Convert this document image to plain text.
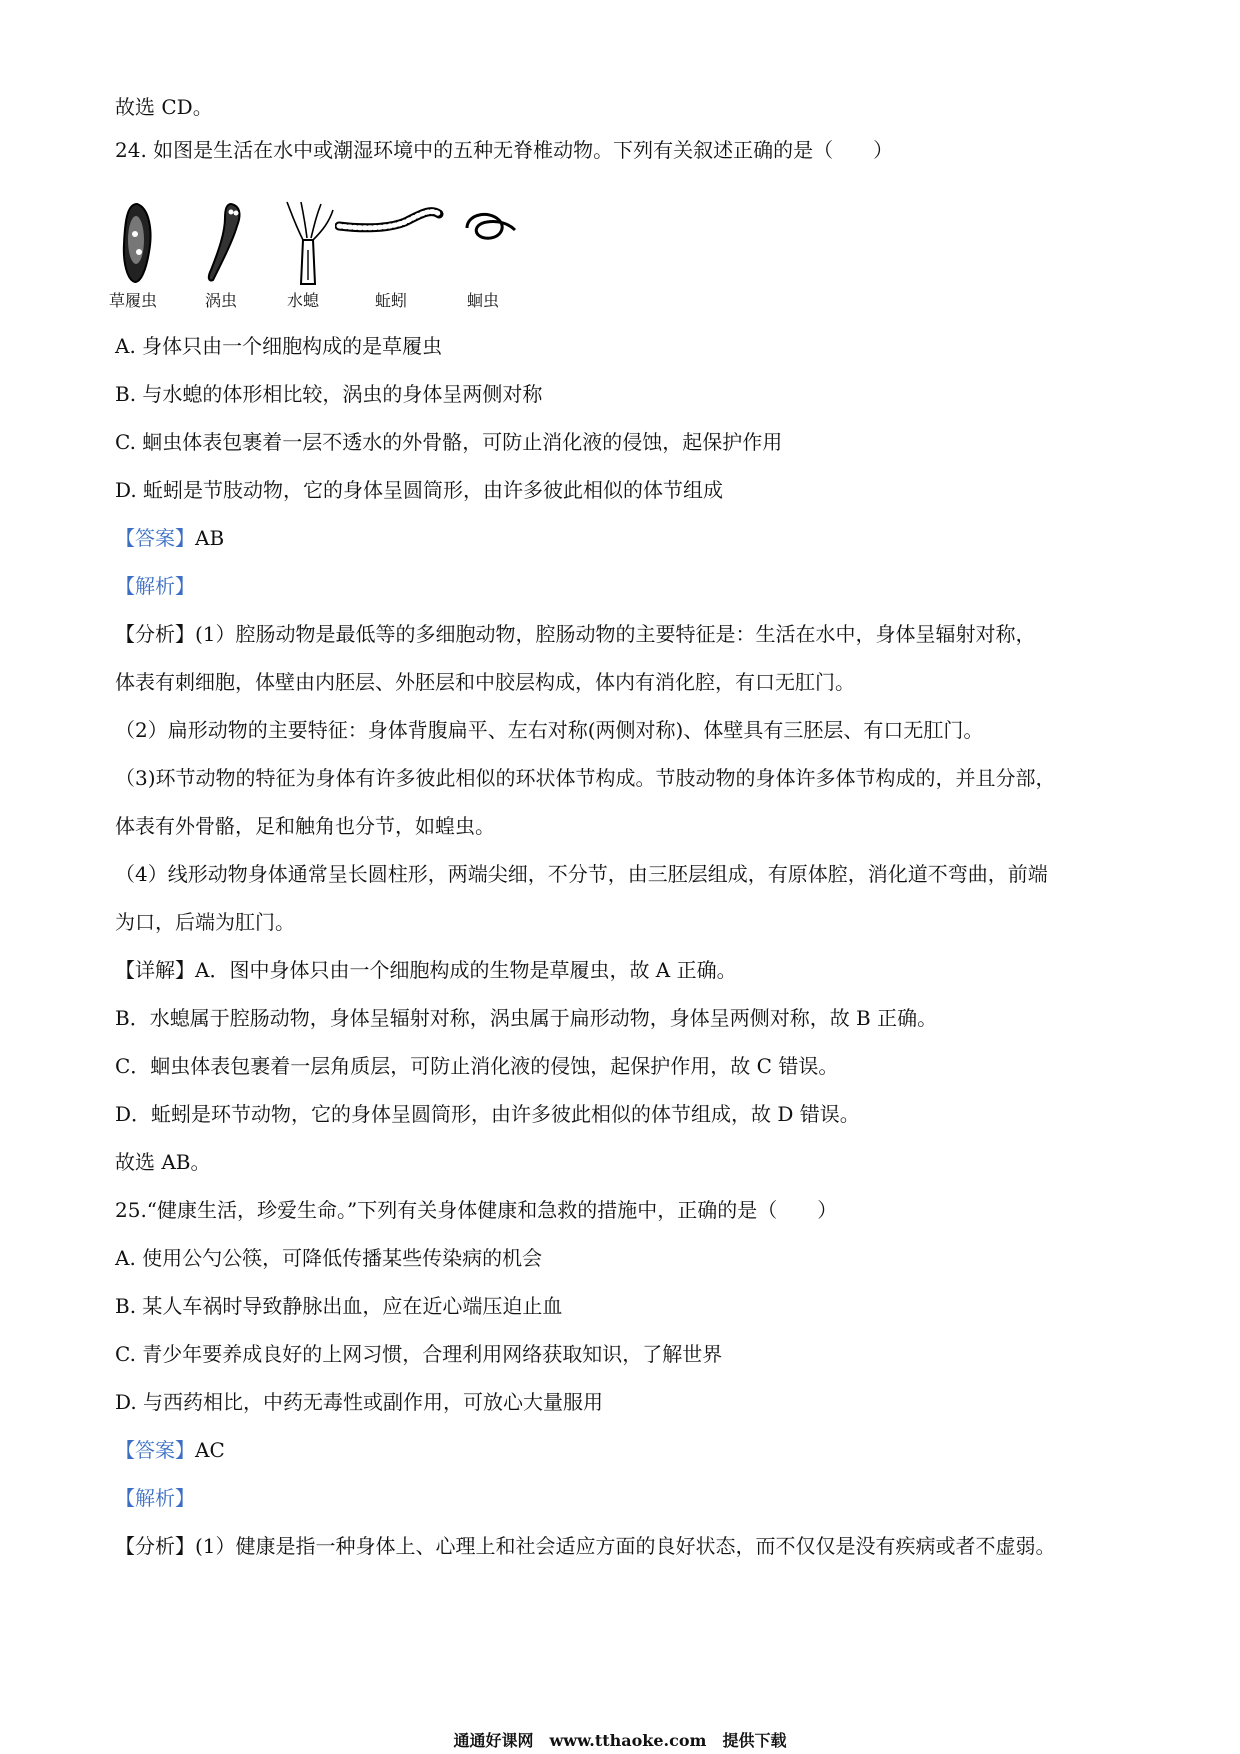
故选 CD。
24. 如图是生活在水中或潮湿环境中的五种无脊椎动物。下列有关叙述正确的是（　　）
草履虫	涡虫	水螅	蚯蚓	蛔虫
A. 身体只由一个细胞构成的是草履虫
B. 与水螅的体形相比较，涡虫的身体呈两侧对称
C. 蛔虫体表包裹着一层不透水的外骨骼，可防止消化液的侵蚀，起保护作用
D. 蚯蚓是节肢动物，它的身体呈圆筒形，由许多彼此相似的体节组成
【答案】AB
【解析】
【分析】(1）腔肠动物是最低等的多细胞动物，腔肠动物的主要特征是：生活在水中，身体呈辐射对称，
体表有刺细胞，体壁由内胚层、外胚层和中胶层构成，体内有消化腔，有口无肛门。
（2）扁形动物的主要特征：身体背腹扁平、左右对称(两侧对称)、体壁具有三胚层、有口无肛门。
（3)环节动物的特征为身体有许多彼此相似的环状体节构成。节肢动物的身体许多体节构成的，并且分部，
体表有外骨骼，足和触角也分节，如蝗虫。
（4）线形动物身体通常呈长圆柱形，两端尖细，不分节，由三胚层组成，有原体腔，消化道不弯曲，前端
为口，后端为肛门。
【详解】A．图中身体只由一个细胞构成的生物是草履虫，故 A 正确。
B．水螅属于腔肠动物，身体呈辐射对称，涡虫属于扁形动物，身体呈两侧对称，故 B 正确。
C．蛔虫体表包裹着一层角质层，可防止消化液的侵蚀，起保护作用，故 C 错误。
D．蚯蚓是环节动物，它的身体呈圆筒形，由许多彼此相似的体节组成，故 D 错误。
故选 AB。
25.“健康生活，珍爱生命。”下列有关身体健康和急救的措施中，正确的是（　　）
A. 使用公勺公筷，可降低传播某些传染病的机会
B. 某人车祸时导致静脉出血，应在近心端压迫止血
C. 青少年要养成良好的上网习惯，合理利用网络获取知识，了解世界
D. 与西药相比，中药无毒性或副作用，可放心大量服用
【答案】AC
【解析】
【分析】(1）健康是指一种身体上、心理上和社会适应方面的良好状态，而不仅仅是没有疾病或者不虚弱。
通通好课网　www.tthaoke.com　提供下载
